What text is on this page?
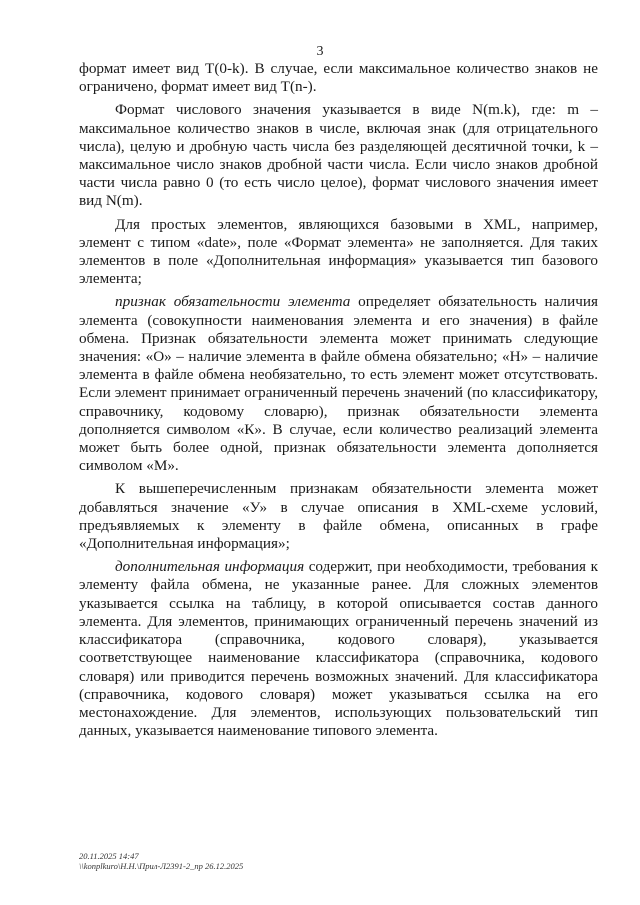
3

формат имеет вид T(0-k). В случае, если максимальное количество знаков не ограничено, формат имеет вид T(n-).

Формат числового значения указывается в виде N(m.k), где: m – максимальное количество знаков в числе, включая знак (для отрицательного числа), целую и дробную часть числа без разделяющей десятичной точки, k – максимальное число знаков дробной части числа. Если число знаков дробной части числа равно 0 (то есть число целое), формат числового значения имеет вид N(m).

Для простых элементов, являющихся базовыми в XML, например, элемент с типом «date», поле «Формат элемента» не заполняется. Для таких элементов в поле «Дополнительная информация» указывается тип базового элемента;

признак обязательности элемента определяет обязательность наличия элемента (совокупности наименования элемента и его значения) в файле обмена. Признак обязательности элемента может принимать следующие значения: «О» – наличие элемента в файле обмена обязательно; «Н» – наличие элемента в файле обмена необязательно, то есть элемент может отсутствовать. Если элемент принимает ограниченный перечень значений (по классификатору, справочнику, кодовому словарю), признак обязательности элемента дополняется символом «К». В случае, если количество реализаций элемента может быть более одной, признак обязательности элемента дополняется символом «М».

К вышеперечисленным признакам обязательности элемента может добавляться значение «У» в случае описания в XML-схеме условий, предъявляемых к элементу в файле обмена, описанных в графе «Дополнительная информация»;

дополнительная информация содержит, при необходимости, требования к элементу файла обмена, не указанные ранее. Для сложных элементов указывается ссылка на таблицу, в которой описывается состав данного элемента. Для элементов, принимающих ограниченный перечень значений из классификатора (справочника, кодового словаря), указывается соответствующее наименование классификатора (справочника, кодового словаря) или приводится перечень возможных значений. Для классификатора (справочника, кодового словаря) может указываться ссылка на его местонахождение. Для элементов, использующих пользовательский тип данных, указывается наименование типового элемента.

20.11.2025 14:47
\\konplkuro\Н.Н.\Прил-Л2391-2_пр 26.12.2025
